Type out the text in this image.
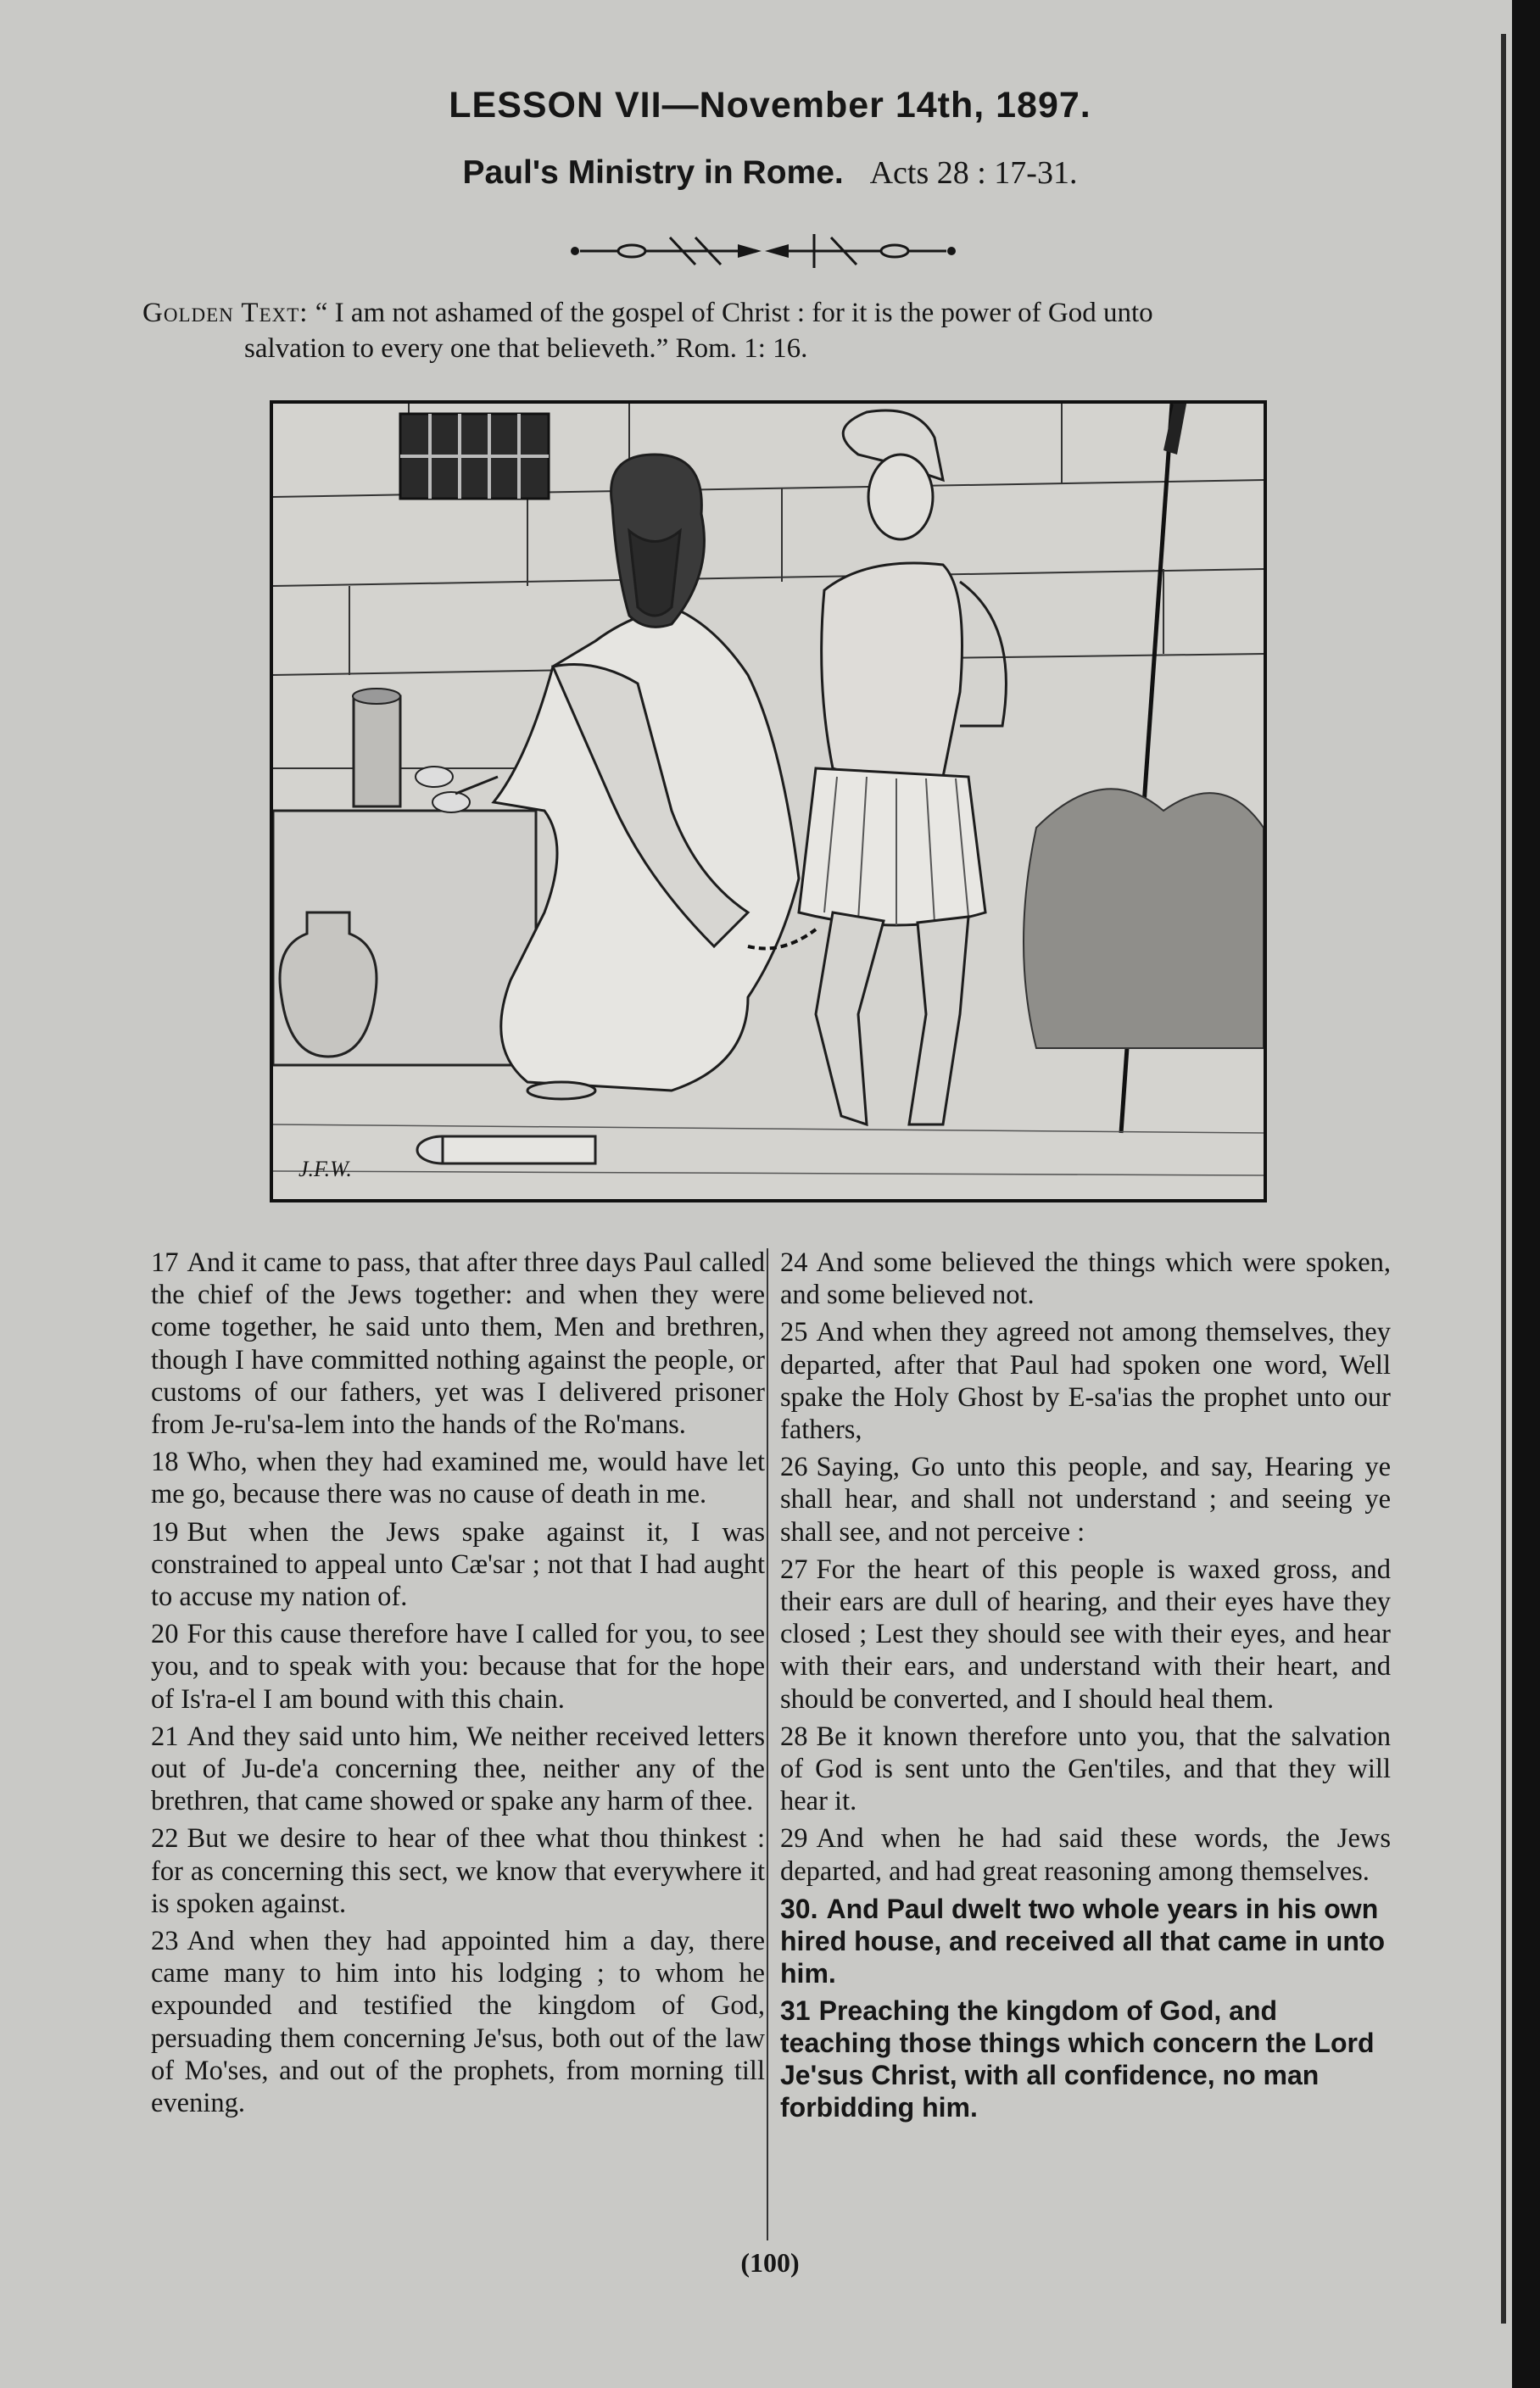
LESSON VII—November 14th, 1897.
Paul's Ministry in Rome. Acts 28 : 17-31.
Golden Text: “ I am not ashamed of the gospel of Christ : for it is the power of God unto
salvation to every one that believeth.” Rom. 1: 16.
J.F.W.

17 And it came to pass, that after three days Paul called the chief of the Jews together: and when they were come together, he said unto them, Men and brethren, though I have committed nothing against the people, or customs of our fathers, yet was I delivered prisoner from Je-ru'sa-lem into the hands of the Ro'mans.

18 Who, when they had examined me, would have let me go, because there was no cause of death in me.

19 But when the Jews spake against it, I was constrained to appeal unto Cæ'sar ; not that I had aught to accuse my nation of.

20 For this cause therefore have I called for you, to see you, and to speak with you: because that for the hope of Is'ra-el I am bound with this chain.

21 And they said unto him, We neither received letters out of Ju-de'a concerning thee, neither any of the brethren, that came showed or spake any harm of thee.

22 But we desire to hear of thee what thou thinkest : for as concerning this sect, we know that everywhere it is spoken against.

23 And when they had appointed him a day, there came many to him into his lodging ; to whom he expounded and testified the kingdom of God, persuading them concerning Je'sus, both out of the law of Mo'ses, and out of the prophets, from morning till evening.

24 And some believed the things which were spoken, and some believed not.

25 And when they agreed not among themselves, they departed, after that Paul had spoken one word, Well spake the Holy Ghost by E-sa'ias the prophet unto our fathers,

26 Saying, Go unto this people, and say, Hearing ye shall hear, and shall not understand ; and seeing ye shall see, and not perceive :

27 For the heart of this people is waxed gross, and their ears are dull of hearing, and their eyes have they closed ; Lest they should see with their eyes, and hear with their ears, and understand with their heart, and should be converted, and I should heal them.

28 Be it known therefore unto you, that the salvation of God is sent unto the Gen'tiles, and that they will hear it.

29 And when he had said these words, the Jews departed, and had great reasoning among themselves.

30. And Paul dwelt two whole years in his own hired house, and received all that came in unto him.

31 Preaching the kingdom of God, and teaching those things which concern the Lord Je'sus Christ, with all confidence, no man forbidding him.

(100)
